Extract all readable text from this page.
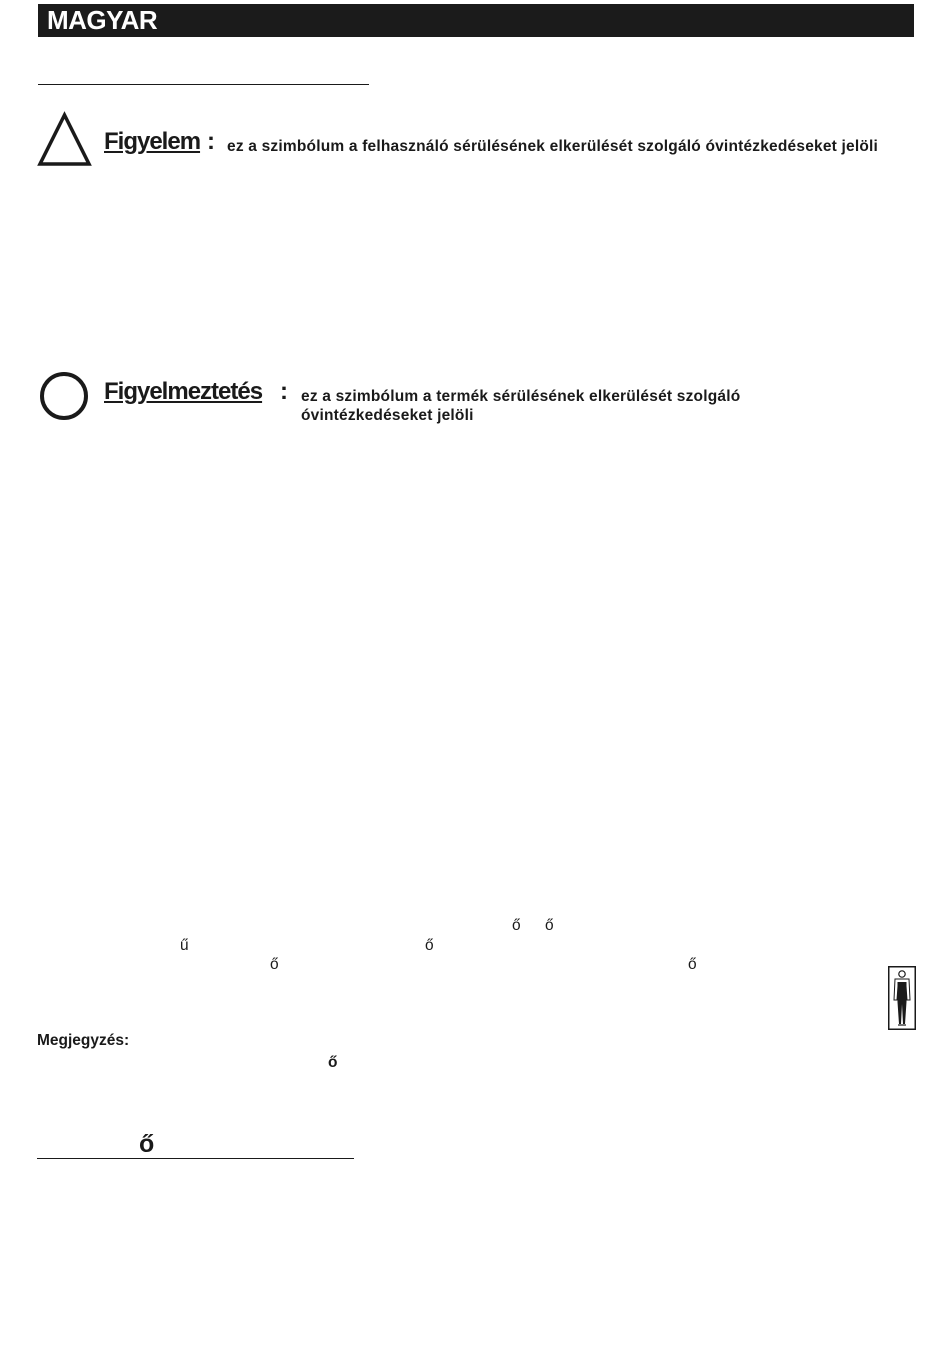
MAGYAR
Figyelem : ez a szimbólum a felhasználó sérülésének elkerülését szolgáló óvintézkedéseket jelöli
Figyelmeztetés : ez a szimbólum a termék sérülésének elkerülését szolgáló óvintézkedéseket jelöli
ő ő
ű	ő
ő	ő
Megjegyzés:
ő
ő
